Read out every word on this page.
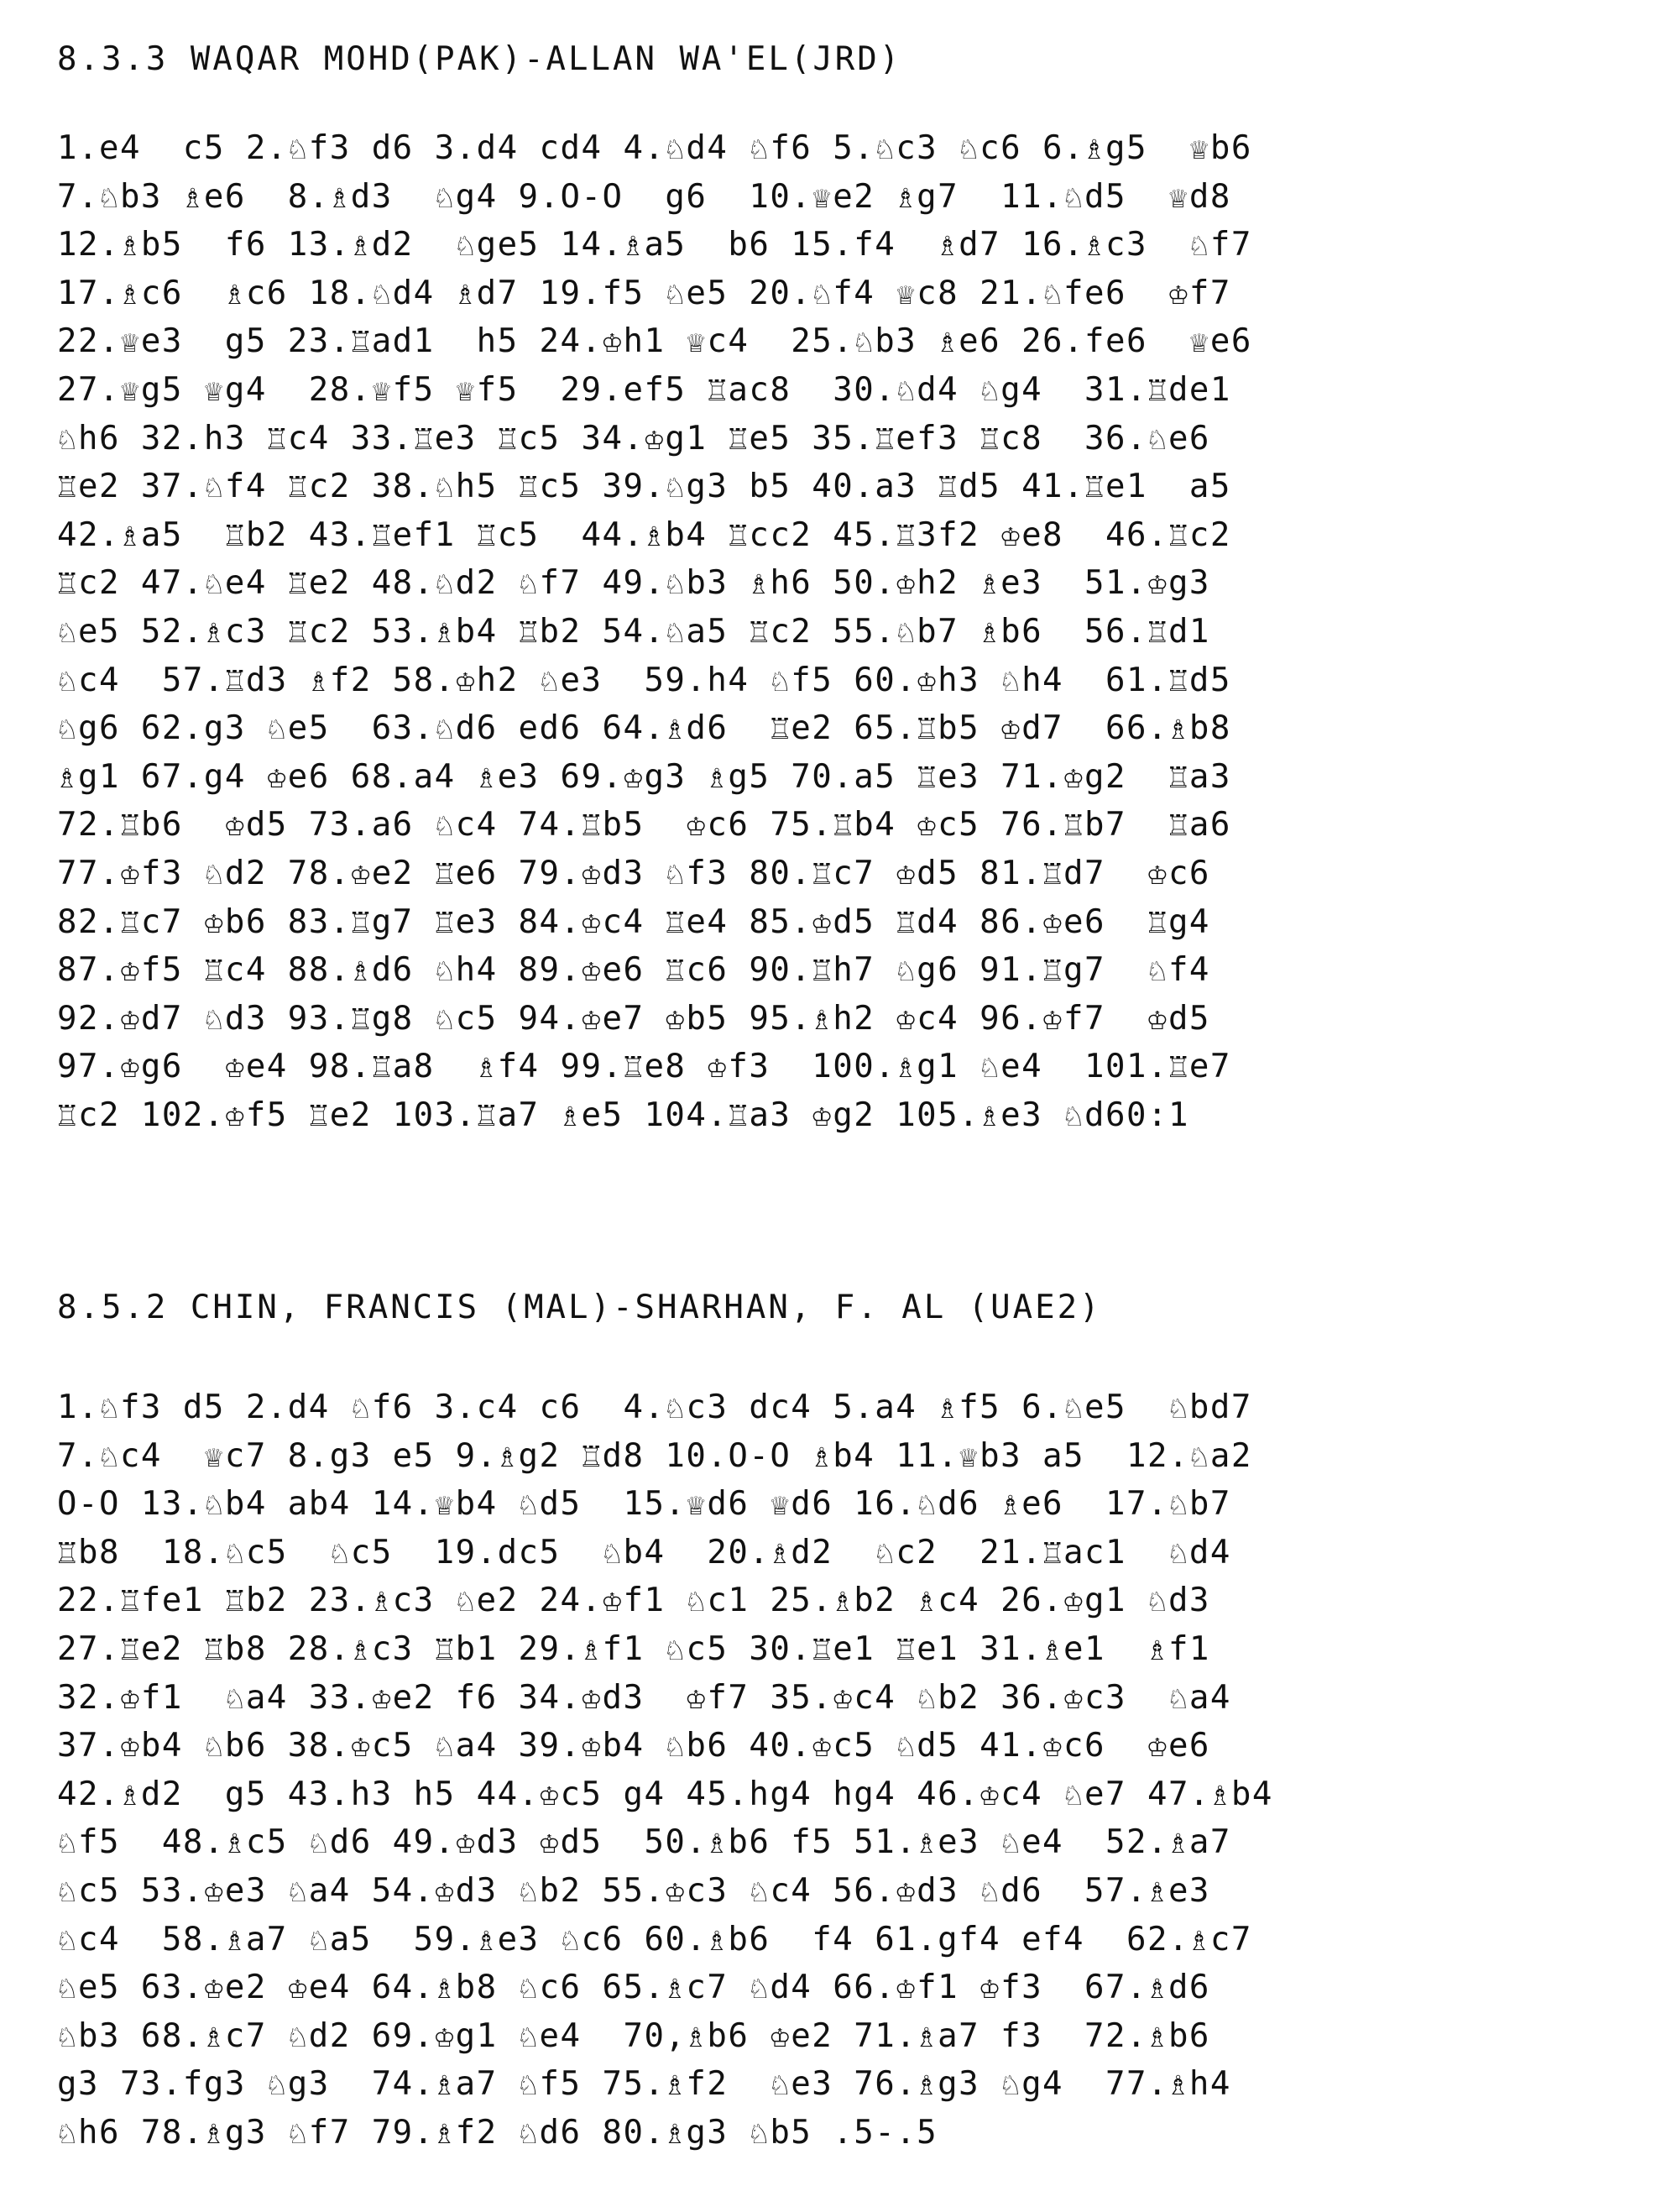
8.3.3 WAQAR MOHD(PAK)-ALLAN WA'EL(JRD)
1.e4  c5 2.♘f3 d6 3.d4 cd4 4.♘d4 ♘f6 5.♘c3 ♘c6 6.♗g5  ♕b6
7.♘b3 ♗e6  8.♗d3  ♘g4 9.O-O  g6  10.♕e2 ♗g7  11.♘d5  ♕d8
12.♗b5  f6 13.♗d2  ♘ge5 14.♗a5  b6 15.f4  ♗d7 16.♗c3  ♘f7
17.♗c6  ♗c6 18.♘d4 ♗d7 19.f5 ♘e5 20.♘f4 ♕c8 21.♘fe6  ♔f7
22.♕e3  g5 23.♖ad1  h5 24.♔h1 ♕c4  25.♘b3 ♗e6 26.fe6  ♕e6
27.♕g5 ♕g4  28.♕f5 ♕f5  29.ef5 ♖ac8  30.♘d4 ♘g4  31.♖de1
♘h6 32.h3 ♖c4 33.♖e3 ♖c5 34.♔g1 ♖e5 35.♖ef3 ♖c8  36.♘e6
♖e2 37.♘f4 ♖c2 38.♘h5 ♖c5 39.♘g3 b5 40.a3 ♖d5 41.♖e1  a5
42.♗a5  ♖b2 43.♖ef1 ♖c5  44.♗b4 ♖cc2 45.♖3f2 ♔e8  46.♖c2
♖c2 47.♘e4 ♖e2 48.♘d2 ♘f7 49.♘b3 ♗h6 50.♔h2 ♗e3  51.♔g3
♘e5 52.♗c3 ♖c2 53.♗b4 ♖b2 54.♘a5 ♖c2 55.♘b7 ♗b6  56.♖d1
♘c4  57.♖d3 ♗f2 58.♔h2 ♘e3  59.h4 ♘f5 60.♔h3 ♘h4  61.♖d5
♘g6 62.g3 ♘e5  63.♘d6 ed6 64.♗d6  ♖e2 65.♖b5 ♔d7  66.♗b8
♗g1 67.g4 ♔e6 68.a4 ♗e3 69.♔g3 ♗g5 70.a5 ♖e3 71.♔g2  ♖a3
72.♖b6  ♔d5 73.a6 ♘c4 74.♖b5  ♔c6 75.♖b4 ♔c5 76.♖b7  ♖a6
77.♔f3 ♘d2 78.♔e2 ♖e6 79.♔d3 ♘f3 80.♖c7 ♔d5 81.♖d7  ♔c6
82.♖c7 ♔b6 83.♖g7 ♖e3 84.♔c4 ♖e4 85.♔d5 ♖d4 86.♔e6  ♖g4
87.♔f5 ♖c4 88.♗d6 ♘h4 89.♔e6 ♖c6 90.♖h7 ♘g6 91.♖g7  ♘f4
92.♔d7 ♘d3 93.♖g8 ♘c5 94.♔e7 ♔b5 95.♗h2 ♔c4 96.♔f7  ♔d5
97.♔g6  ♔e4 98.♖a8  ♗f4 99.♖e8 ♔f3  100.♗g1 ♘e4  101.♖e7
♖c2 102.♔f5 ♖e2 103.♖a7 ♗e5 104.♖a3 ♔g2 105.♗e3 ♘d60:1
8.5.2 CHIN, FRANCIS (MAL)-SHARHAN, F. AL (UAE2)
1.♘f3 d5 2.d4 ♘f6 3.c4 c6  4.♘c3 dc4 5.a4 ♗f5 6.♘e5  ♘bd7
7.♘c4  ♕c7 8.g3 e5 9.♗g2 ♖d8 10.O-O ♗b4 11.♕b3 a5  12.♘a2
O-O 13.♘b4 ab4 14.♕b4 ♘d5  15.♕d6 ♕d6 16.♘d6 ♗e6  17.♘b7
♖b8  18.♘c5  ♘c5  19.dc5  ♘b4  20.♗d2  ♘c2  21.♖ac1  ♘d4
22.♖fe1 ♖b2 23.♗c3 ♘e2 24.♔f1 ♘c1 25.♗b2 ♗c4 26.♔g1 ♘d3
27.♖e2 ♖b8 28.♗c3 ♖b1 29.♗f1 ♘c5 30.♖e1 ♖e1 31.♗e1  ♗f1
32.♔f1  ♘a4 33.♔e2 f6 34.♔d3  ♔f7 35.♔c4 ♘b2 36.♔c3  ♘a4
37.♔b4 ♘b6 38.♔c5 ♘a4 39.♔b4 ♘b6 40.♔c5 ♘d5 41.♔c6  ♔e6
42.♗d2  g5 43.h3 h5 44.♔c5 g4 45.hg4 hg4 46.♔c4 ♘e7 47.♗b4
♘f5  48.♗c5 ♘d6 49.♔d3 ♔d5  50.♗b6 f5 51.♗e3 ♘e4  52.♗a7
♘c5 53.♔e3 ♘a4 54.♔d3 ♘b2 55.♔c3 ♘c4 56.♔d3 ♘d6  57.♗e3
♘c4  58.♗a7 ♘a5  59.♗e3 ♘c6 60.♗b6  f4 61.gf4 ef4  62.♗c7
♘e5 63.♔e2 ♔e4 64.♗b8 ♘c6 65.♗c7 ♘d4 66.♔f1 ♔f3  67.♗d6
♘b3 68.♗c7 ♘d2 69.♔g1 ♘e4  70,♗b6 ♔e2 71.♗a7 f3  72.♗b6
g3 73.fg3 ♘g3  74.♗a7 ♘f5 75.♗f2  ♘e3 76.♗g3 ♘g4  77.♗h4
♘h6 78.♗g3 ♘f7 79.♗f2 ♘d6 80.♗g3 ♘b5 .5-.5
